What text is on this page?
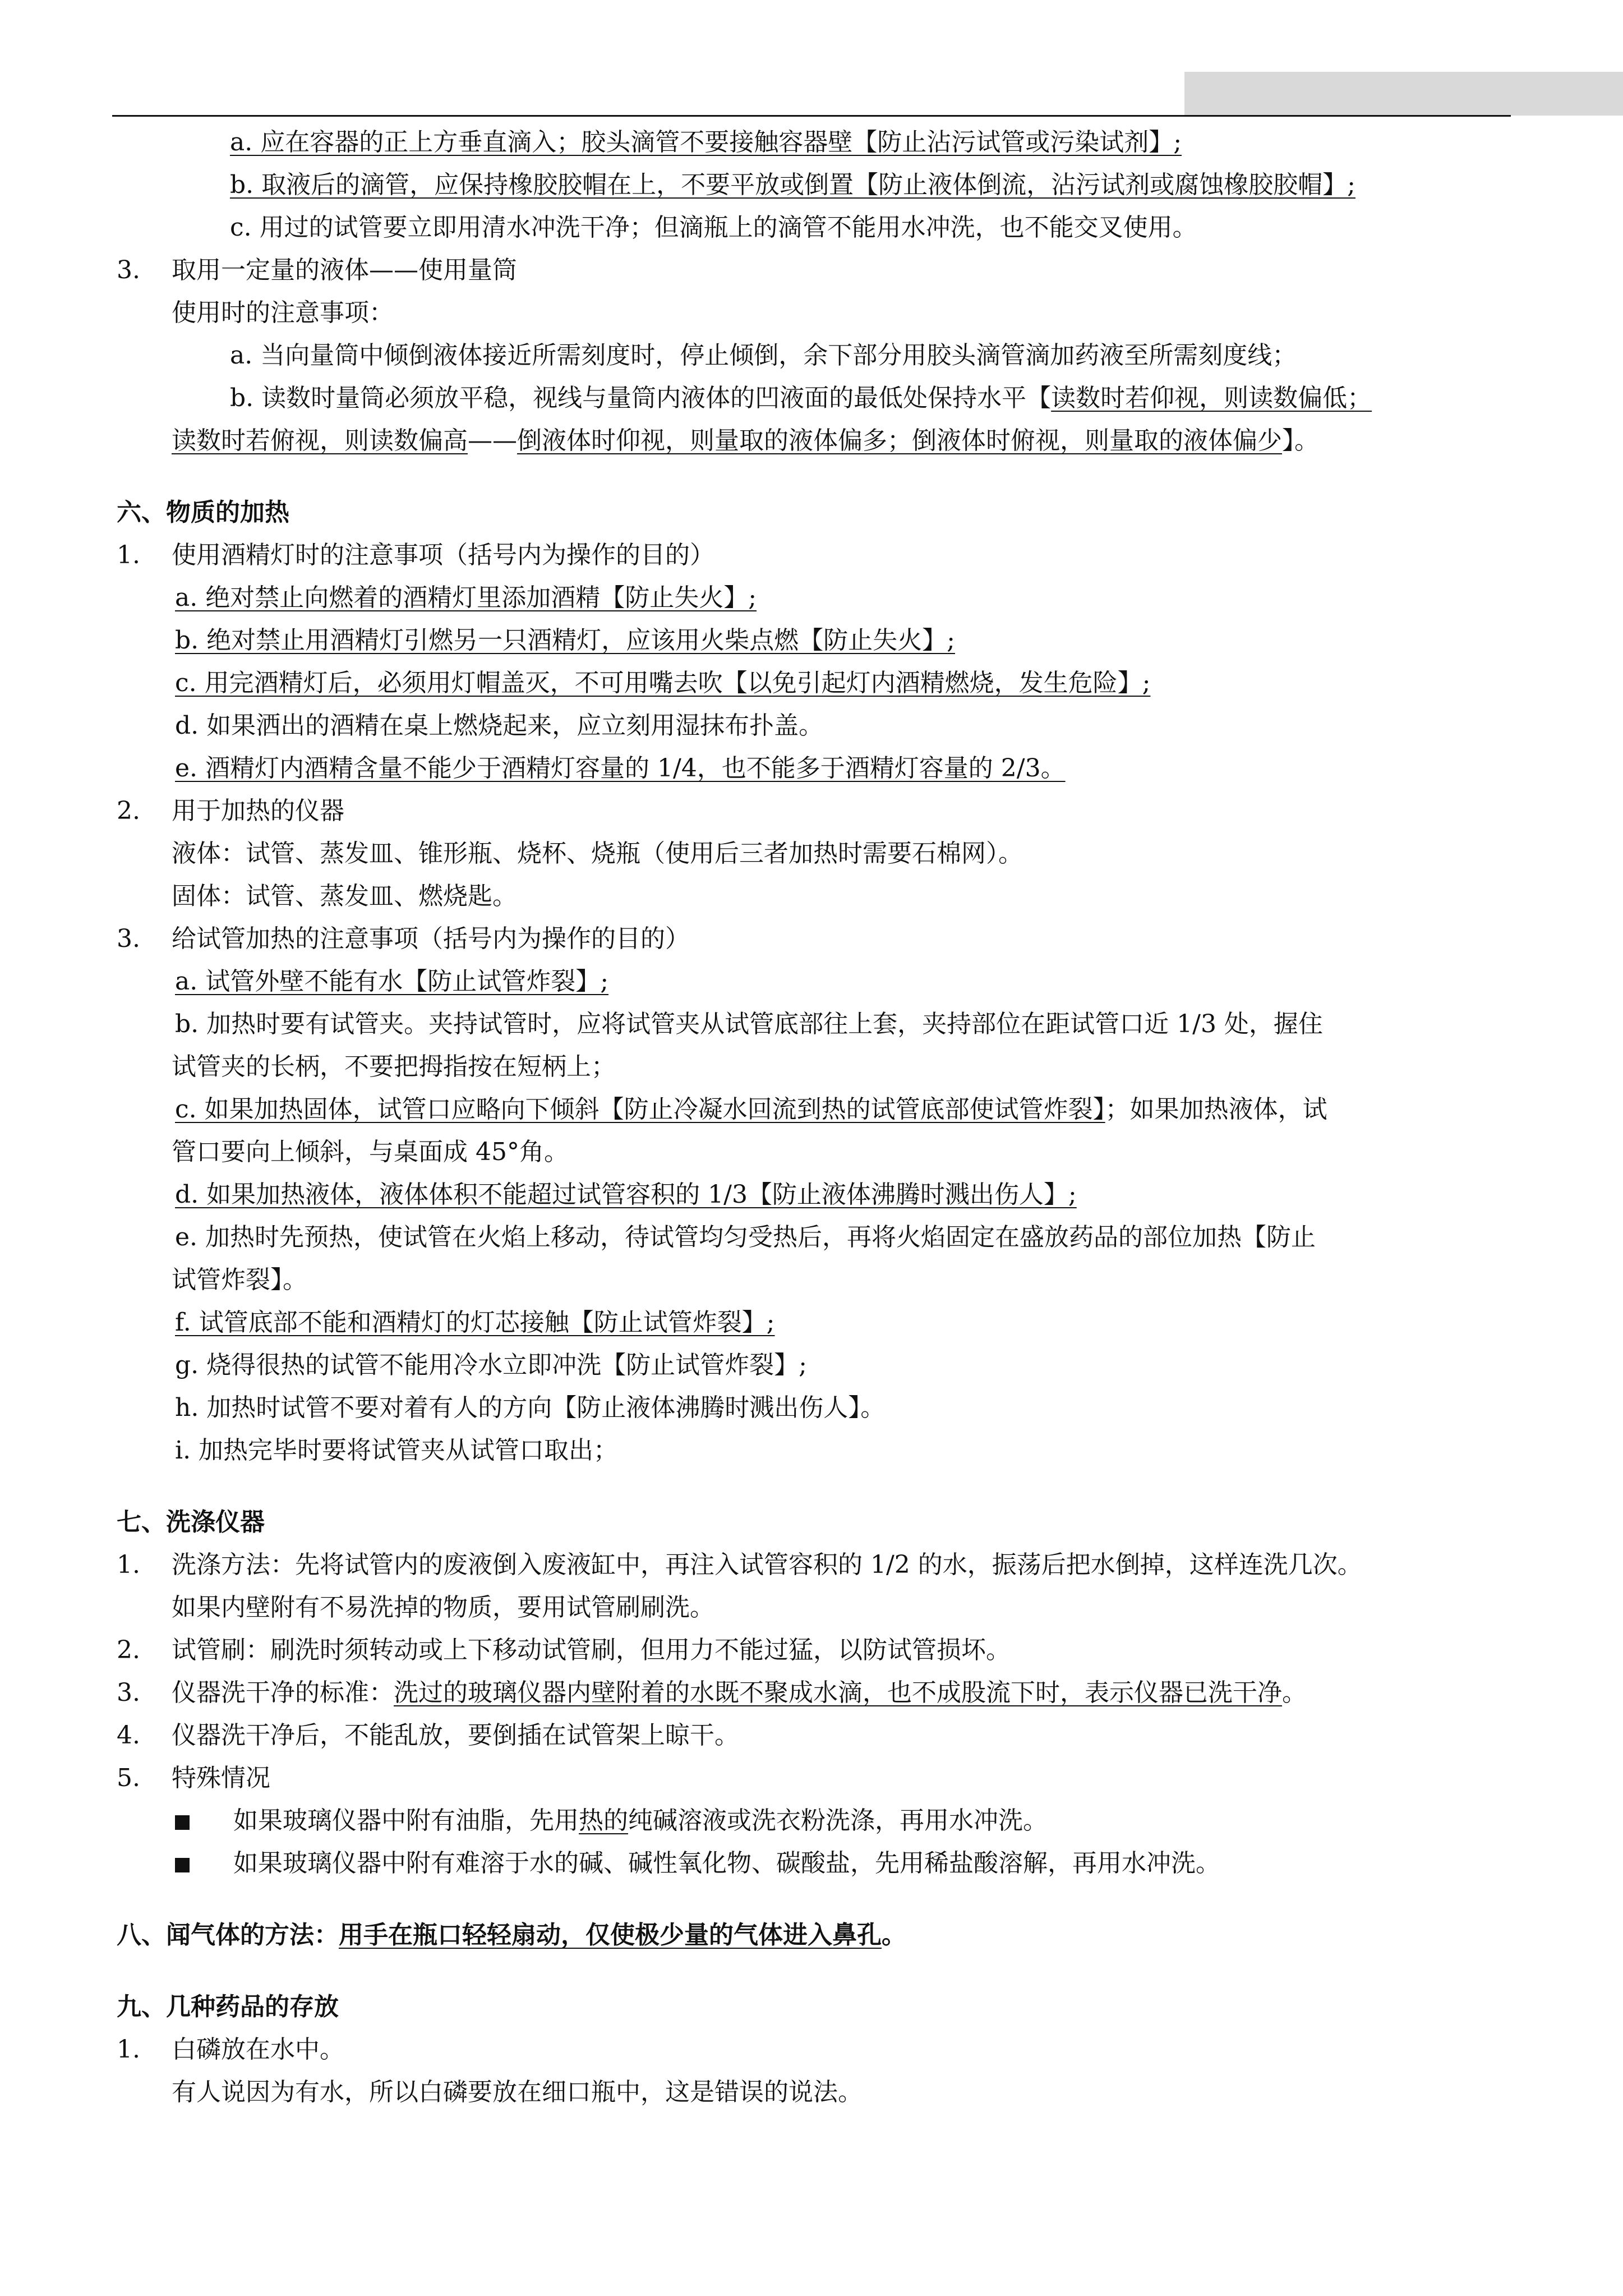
a. 应在容器的正上方垂直滴入；胶头滴管不要接触容器壁【防止沾污试管或污染试剂】;
b. 取液后的滴管，应保持橡胶胶帽在上，不要平放或倒置【防止液体倒流，沾污试剂或腐蚀橡胶胶帽】;
c. 用过的试管要立即用清水冲洗干净；但滴瓶上的滴管不能用水冲洗，也不能交叉使用。
3. 取用一定量的液体——使用量筒
使用时的注意事项：
a. 当向量筒中倾倒液体接近所需刻度时，停止倾倒，余下部分用胶头滴管滴加药液至所需刻度线；
b. 读数时量筒必须放平稳，视线与量筒内液体的凹液面的最低处保持水平【读数时若仰视，则读数偏低；
读数时若俯视，则读数偏高——倒液体时仰视，则量取的液体偏多；倒液体时俯视，则量取的液体偏少】。
六、物质的加热
1. 使用酒精灯时的注意事项（括号内为操作的目的）
a. 绝对禁止向燃着的酒精灯里添加酒精【防止失火】;
b. 绝对禁止用酒精灯引燃另一只酒精灯，应该用火柴点燃【防止失火】;
c. 用完酒精灯后，必须用灯帽盖灭，不可用嘴去吹【以免引起灯内酒精燃烧，发生危险】;
d. 如果洒出的酒精在桌上燃烧起来，应立刻用湿抹布扑盖。
e. 酒精灯内酒精含量不能少于酒精灯容量的 1/4，也不能多于酒精灯容量的 2/3。
2. 用于加热的仪器
液体：试管、蒸发皿、锥形瓶、烧杯、烧瓶（使用后三者加热时需要石棉网）。
固体：试管、蒸发皿、燃烧匙。
3. 给试管加热的注意事项（括号内为操作的目的）
a. 试管外壁不能有水【防止试管炸裂】;
b. 加热时要有试管夹。夹持试管时，应将试管夹从试管底部往上套，夹持部位在距试管口近 1/3 处，握住
试管夹的长柄，不要把拇指按在短柄上；
c. 如果加热固体，试管口应略向下倾斜【防止冷凝水回流到热的试管底部使试管炸裂】；如果加热液体，试
管口要向上倾斜，与桌面成 45°角。
d. 如果加热液体，液体体积不能超过试管容积的 1/3【防止液体沸腾时溅出伤人】;
e. 加热时先预热，使试管在火焰上移动，待试管均匀受热后，再将火焰固定在盛放药品的部位加热【防止
试管炸裂】。
f. 试管底部不能和酒精灯的灯芯接触【防止试管炸裂】;
g. 烧得很热的试管不能用冷水立即冲洗【防止试管炸裂】;
h. 加热时试管不要对着有人的方向【防止液体沸腾时溅出伤人】。
i. 加热完毕时要将试管夹从试管口取出；
七、洗涤仪器
1. 洗涤方法：先将试管内的废液倒入废液缸中，再注入试管容积的 1/2 的水，振荡后把水倒掉，这样连洗几次。
如果内壁附有不易洗掉的物质，要用试管刷刷洗。
2. 试管刷：刷洗时须转动或上下移动试管刷，但用力不能过猛，以防试管损坏。
3. 仪器洗干净的标准：洗过的玻璃仪器内壁附着的水既不聚成水滴，也不成股流下时，表示仪器已洗干净。
4. 仪器洗干净后，不能乱放，要倒插在试管架上晾干。
5. 特殊情况
如果玻璃仪器中附有油脂，先用热的纯碱溶液或洗衣粉洗涤，再用水冲洗。
如果玻璃仪器中附有难溶于水的碱、碱性氧化物、碳酸盐，先用稀盐酸溶解，再用水冲洗。
八、闻气体的方法：用手在瓶口轻轻扇动，仅使极少量的气体进入鼻孔。
九、几种药品的存放
1. 白磷放在水中。
有人说因为有水，所以白磷要放在细口瓶中，这是错误的说法。
